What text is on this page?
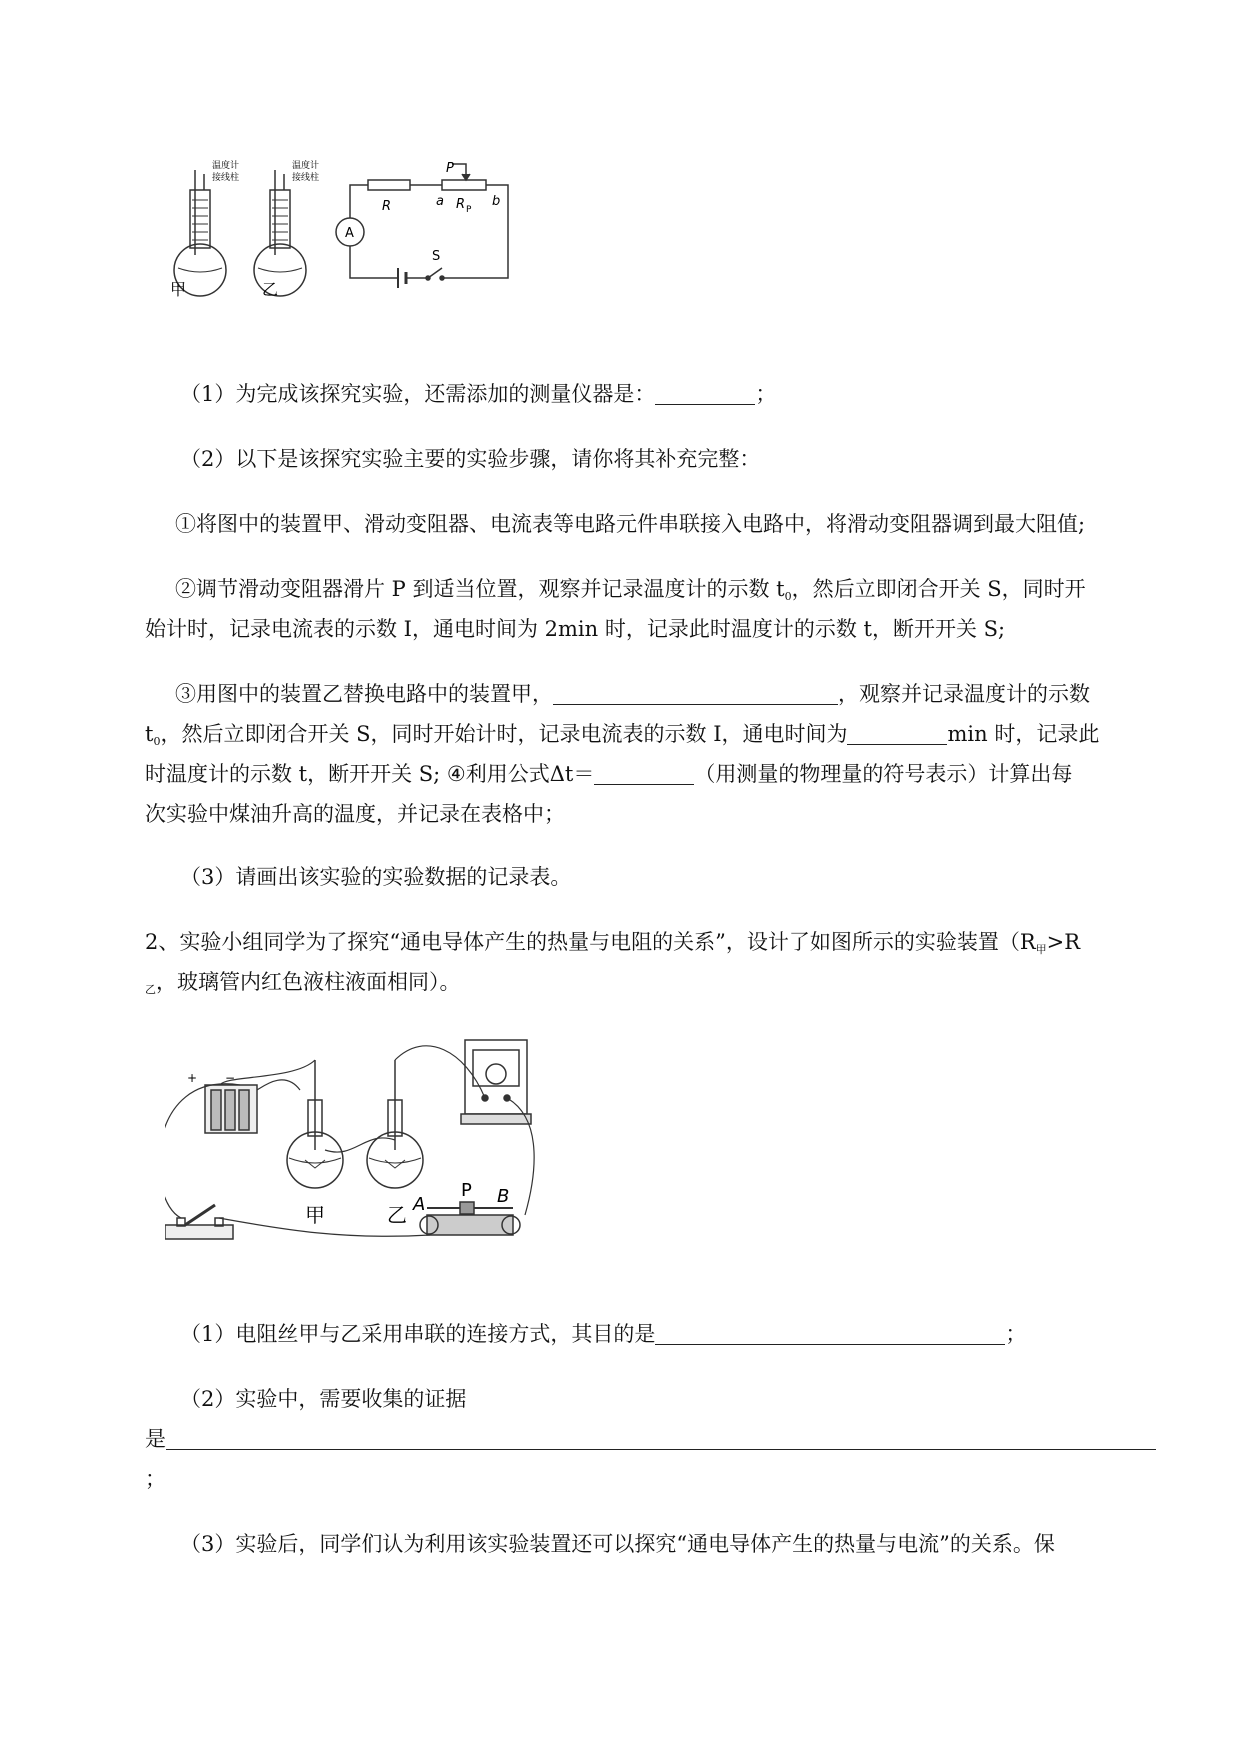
温度计
接线柱
甲
温度计
接线柱
乙
A
R
P
a R P
b
S
（1）为完成该探究实验，还需添加的测量仪器是：	；
（2）以下是该探究实验主要的实验步骤，请你将其补充完整：
①将图中的装置甲、滑动变阻器、电流表等电路元件串联接入电路中，将滑动变阻器调到最大阻值;
②调节滑动变阻器滑片 P 到适当位置，观察并记录温度计的示数 $t_0$，然后立即闭合开关 S，同时开
始计时，记录电流表的示数 I，通电时间为 2min 时，记录此时温度计的示数 t，断开开关 S;
③用图中的装置乙替换电路中的装置甲，	，观察并记录温度计的示数
$t_0$，然后立即闭合开关 S，同时开始计时，记录电流表的示数 I，通电时间为	min 时，记录此
时温度计的示数 t，断开开关 S; ④利用公式Δt＝	（用测量的物理量的符号表示）计算出每
次实验中煤油升高的温度，并记录在表格中；
（3）请画出该实验的实验数据的记录表。
2、实验小组同学为了探究“通电导体产生的热量与电阻的关系”，设计了如图所示的实验装置（$R_甲>R$
$_乙$，玻璃管内红色液柱液面相同）。
+ −
甲	乙 A
P B
（1）电阻丝甲与乙采用串联的连接方式，其目的是	；
（2）实验中，需要收集的证据
是
；
（3）实验后，同学们认为利用该实验装置还可以探究“通电导体产生的热量与电流”的关系。保
